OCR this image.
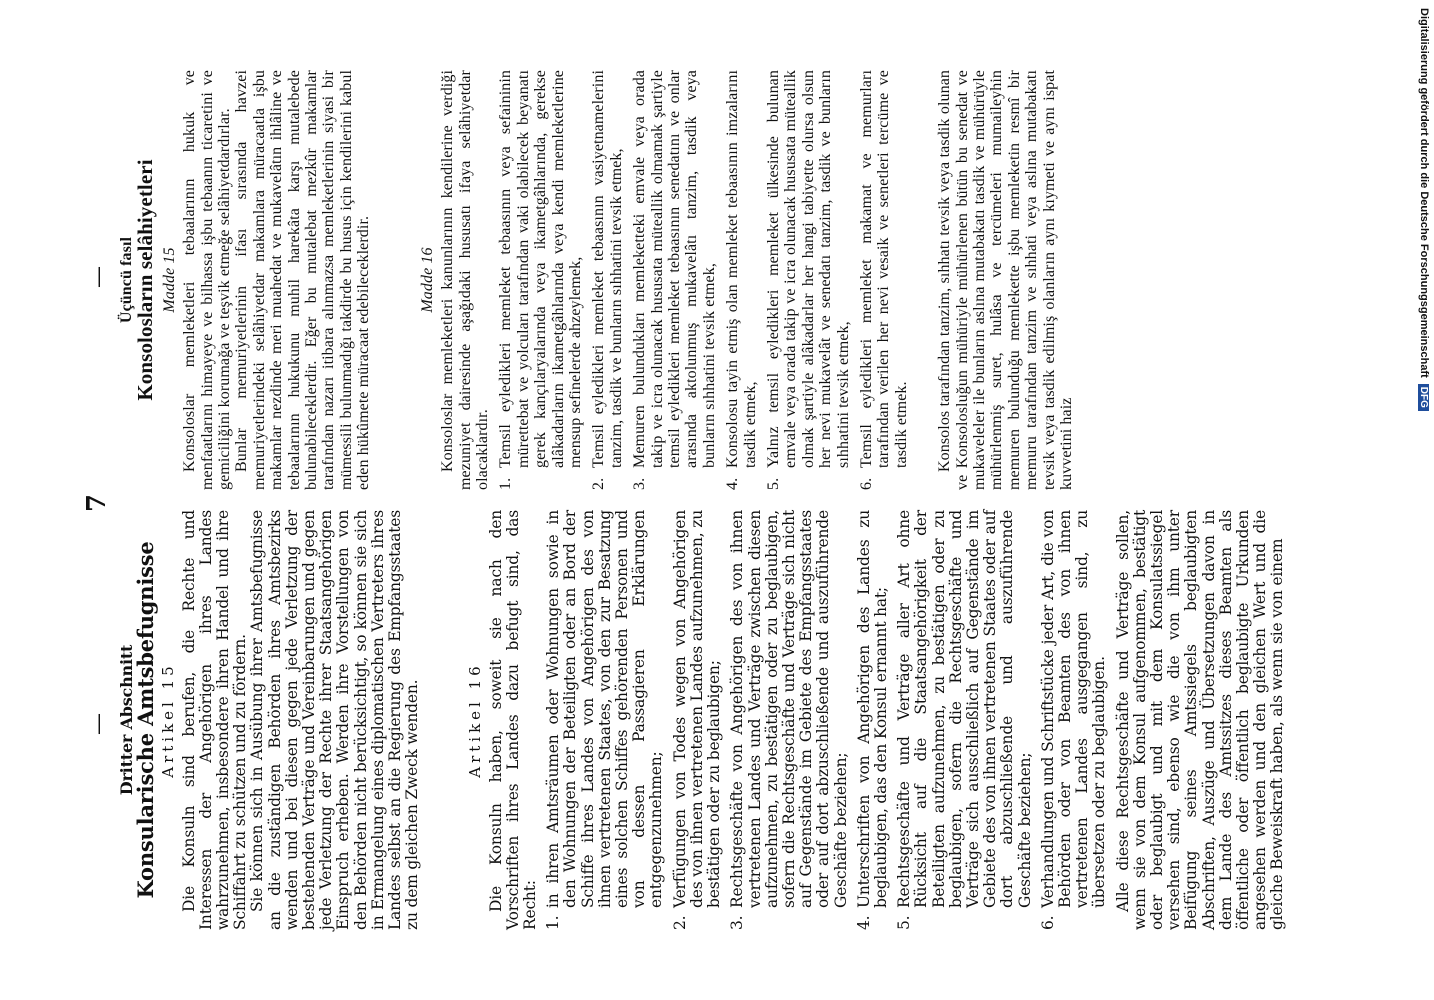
—
7
—
Dritter Abschnitt
Konsularische Amtsbefugnisse Artikel 15 Die Konsuln sind berufen, die Rechte und Interessen der Angehörigen ihres Landes wahrzunehmen, insbesondere ihren Handel und ihre Schiffahrt zu schützen und zu fördern. Sie können sich in Ausübung ihrer Amtsbefugnisse an die zuständigen Behörden ihres Amtsbezirks wenden und bei diesen gegen jede Verletzung der bestehenden Verträge und Vereinbarungen und gegen jede Verletzung der Rechte ihrer Staatsangehörigen Einspruch erheben. Werden ihre Vorstellungen von den Behörden nicht berücksichtigt, so können sie sich in Ermangelung eines diplomatischen Vertreters ihres Landes selbst an die Regierung des Empfangsstaates zu dem gleichen Zweck wenden.	Artikel 16 Die Konsuln haben, soweit sie nach den Vorschriften ihres Landes dazu befugt sind, das Recht: 1.
in ihren Amtsräumen oder Wohnungen sowie in den Wohnungen der Beteiligten oder an Bord der Schiffe ihres Landes von Angehörigen des von ihnen vertretenen Staates, von den zur Besatzung eines solchen Schiffes gehörenden Personen und von dessen Passagieren Erklärungen entgegenzunehmen;
2.
Verfügungen von Todes wegen von Angehörigen des von ihnen vertretenen Landes aufzunehmen, zu bestätigen oder zu beglaubigen;
3.
Rechtsgeschäfte von Angehörigen des von ihnen vertretenen Landes und Verträge zwischen diesen aufzunehmen, zu bestätigen oder zu beglaubigen, sofern die Rechtsgeschäfte und Verträge sich nicht auf Gegenstände im Gebiete des Empfangsstaates oder auf dort abzuschließende und auszuführende Geschäfte beziehen;
4.
Unterschriften von Angehörigen des Landes zu beglaubigen, das den Konsul ernannt hat;
5.
Rechtsgeschäfte und Verträge aller Art ohne Rücksicht auf die Staatsangehörigkeit der Beteiligten aufzunehmen, zu bestätigen oder zu beglaubigen, sofern die Rechtsgeschäfte und Verträge sich ausschließlich auf Gegenstände im Gebiete des von ihnen vertretenen Staates oder auf dort abzuschließende und auszuführende Geschäfte beziehen;
6.
Verhandlungen und Schriftstücke jeder Art, die von Behörden oder von Beamten des von ihnen vertretenen Landes ausgegangen sind, zu übersetzen oder zu beglaubigen. Alle diese Rechtsgeschäfte und Verträge sollen, wenn sie von dem Konsul aufgenommen, bestätigt oder beglaubigt und mit dem Konsulatssiegel versehen sind, ebenso wie die von ihm unter Beifügung seines Amtssiegels beglaubigten Abschriften, Auszüge und Übersetzungen davon in dem Lande des Amtssitzes dieses Beamten als öffentliche oder öffentlich beglaubigte Urkunden angesehen werden und den gleichen Wert und die gleiche Beweiskraft haben, als wenn sie von einem

Üçüncü fasıl
Konsolosların selâhiyetleri Madde 15 Konsoloslar memleketleri tebaalarının hukuk ve menfaatlarını himayeye ve bilhassa işbu tebaanın ticaretini ve gemiciliğini korumağa ve teşvik etmeğe selâhiyetdardırlar. Bunlar memuriyetlerinin ifası sırasında havzei memuriyetlerindeki selâhiyetdar makamlara müracaatla işbu makamlar nezdinde meri muahedat ve mukavelâtın ihlâline ve tebaalarının hukukunu muhil harekâta karşı mutalebede bulunabileceklerdir. Eğer bu mutalebat mezkûr makamlar tarafından nazarı itibara alınmazsa memleketlerinin siyasi bir mümessili bulunmadığı takdirde bu husus için kendilerini kabul eden hükûmete müracaat edebileceklerdir.	Madde 16 Konsoloslar memleketleri kanunlarının kendilerine verdiği mezuniyet dairesinde aşağıdaki hususatı ifaya selâhiyetdar olacaklardır. 1.
Temsil eyledikleri memleket tebaasının veya sefaininin mürettebat ve yolcuları tarafından vaki olabilecek beyanatı gerek kançılaryalarında veya ikametgâhlarında, gerekse alâkadarların ikametgâhlarında veya kendi memleketlerine mensup sefinelerde ahzeylemek,
2.
Temsil eyledikleri memleket tebaasının vasiyetnamelerini tanzim, tasdik ve bunların sıhhatini tevsik etmek,
3.
Memuren bulundukları memleketteki emvale veya orada takip ve icra olunacak hususata müteallik olmamak şartiyle temsil eyledikleri memleket tebaasının senedatını ve onlar arasında aktolunmuş mukavelâtı tanzim, tasdik veya bunların sıhhatini tevsik etmek,
4.
Konsolosu tayin etmiş olan memleket tebaasının imzalarını tasdik etmek,
5.
Yalnız temsil eyledikleri memleket ülkesinde bulunan emvale veya orada takip ve icra olunacak hususata müteallik olmak şartiyle alâkadarlar her hangi tabiyette olursa olsun her nevi mukavelât ve senedatı tanzim, tasdik ve bunların sıhhatini tevsik etmek,
6.
Temsil eyledikleri memleket makamat ve memurları tarafından verilen her nevi vesaik ve senetleri tercüme ve tasdik etmek. Konsolos tarafından tanzim, sıhhatı tevsik veya tasdik olunan ve Konsolosluğun mühüriyle mühürlenen bütün bu senedat ve mukaveleler ile bunların aslına mutabakatı tasdik ve mühürüyle mühürlenmiş suret, hulâsa ve tercümeleri mumaileyhin memuren bulunduğu memlekette işbu memleketin resmî bir memuru tarafından tanzim ve sıhhati veya aslına mutabakatı tevsik veya tasdik edilmiş olanların aynı kıymeti ve aynı ispat kuvvetini haiz

Digitalisierung gefördert durch die Deutsche ForschungsgemeinschaftDFG
